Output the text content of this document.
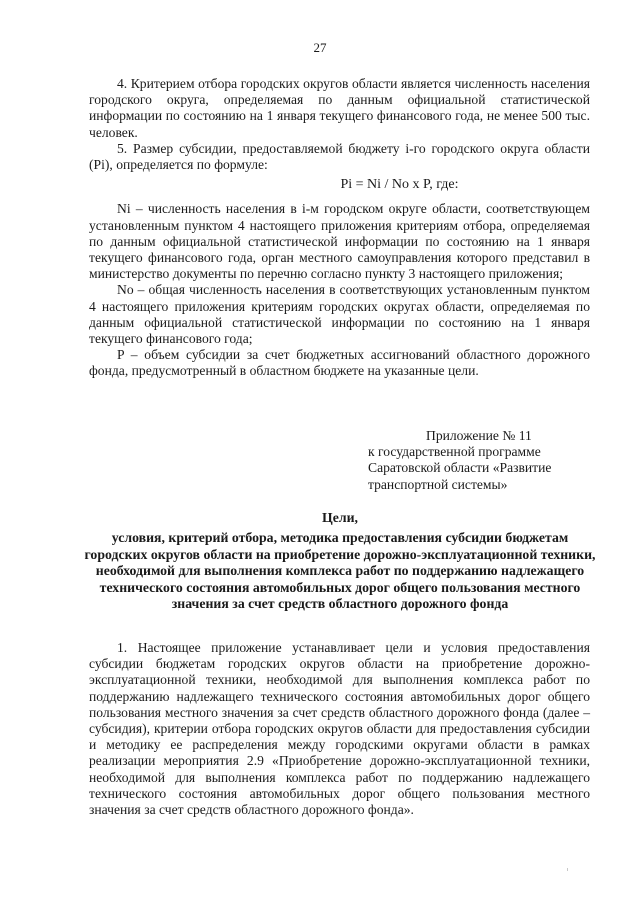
27

4. Критерием отбора городских округов области является численность населения городского округа, определяемая по данным официальной статистической информации по состоянию на 1 января текущего финансового года, не менее 500 тыс. человек.

5. Размер субсидии, предоставляемой бюджету i-го городского округа области (Pi), определяется по формуле:

Pi = Ni / No х P, где:

Ni – численность населения в i-м городском округе области, соответствующем установленным пунктом 4 настоящего приложения критериям отбора, определяемая по данным официальной статистической информации по состоянию на 1 января текущего финансового года, орган местного самоуправления которого представил в министерство документы по перечню согласно пункту 3 настоящего приложения;

No – общая численность населения в соответствующих установленным пунктом 4 настоящего приложения критериям городских округах области, определяемая по данным официальной статистической информации по состоянию на 1 января текущего финансового года;

P – объем субсидии за счет бюджетных ассигнований областного дорожного фонда, предусмотренный в областном бюджете на указанные цели.

Приложение № 11
к государственной программе Саратовской области «Развитие транспортной системы»
Цели,
условия, критерий отбора, методика предоставления субсидии бюджетам городских округов области на приобретение дорожно-эксплуатационной техники, необходимой для выполнения комплекса работ по поддержанию надлежащего технического состояния автомобильных дорог общего пользования местного значения за счет средств областного дорожного фонда

1. Настоящее приложение устанавливает цели и условия предоставления субсидии бюджетам городских округов области на приобретение дорожно-эксплуатационной техники, необходимой для выполнения комплекса работ по поддержанию надлежащего технического состояния автомобильных дорог общего пользования местного значения за счет средств областного дорожного фонда (далее – субсидия), критерии отбора городских округов области для предоставления субсидии и методику ее распределения между городскими округами области в рамках реализации мероприятия 2.9 «Приобретение дорожно-эксплуатационной техники, необходимой для выполнения комплекса работ по поддержанию надлежащего технического состояния автомобильных дорог общего пользования местного значения за счет средств областного дорожного фонда».
